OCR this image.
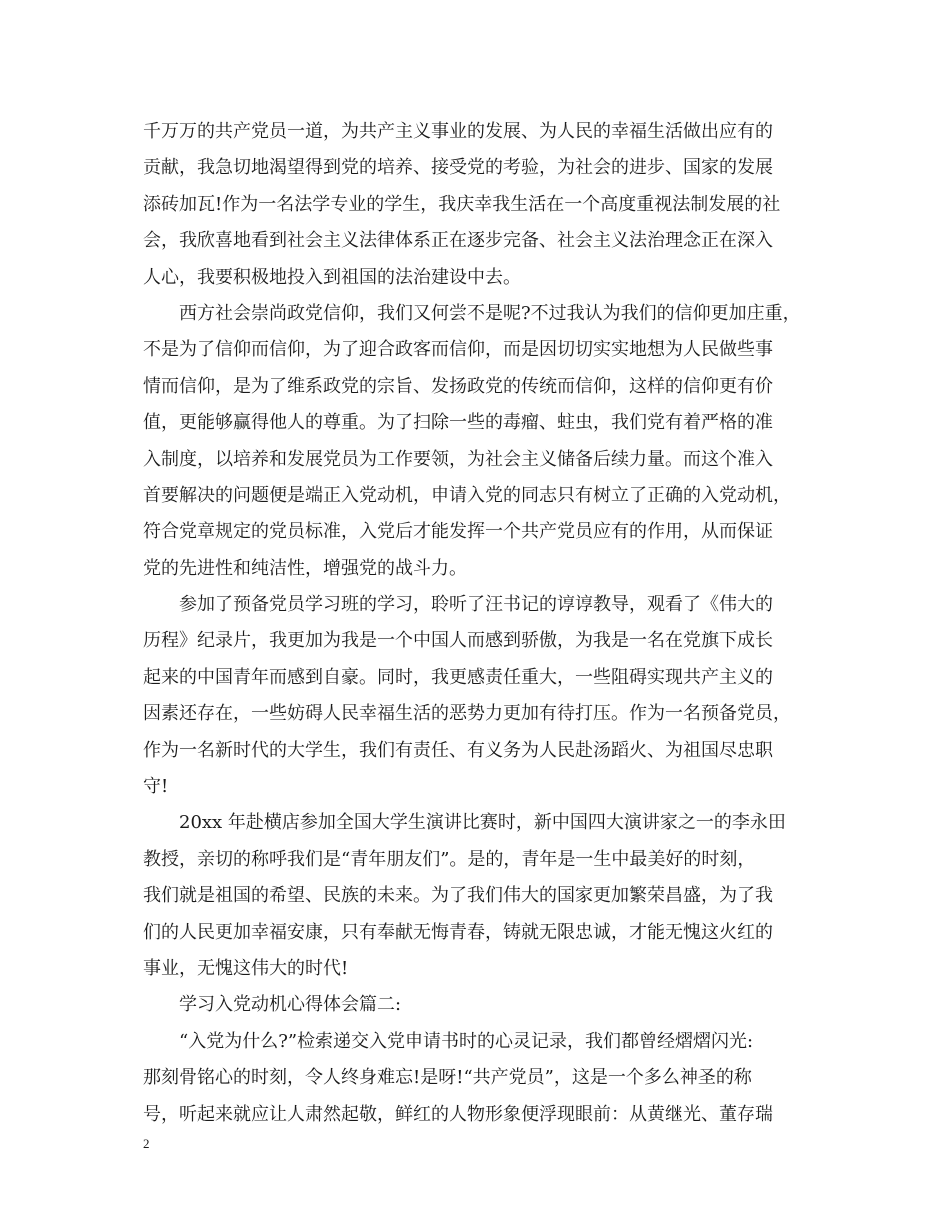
千万万的共产党员一道，为共产主义事业的发展、为人民的幸福生活做出应有的
贡献，我急切地渴望得到党的培养、接受党的考验，为社会的进步、国家的发展
添砖加瓦!作为一名法学专业的学生，我庆幸我生活在一个高度重视法制发展的社
会，我欣喜地看到社会主义法律体系正在逐步完备、社会主义法治理念正在深入
人心，我要积极地投入到祖国的法治建设中去。
西方社会崇尚政党信仰，我们又何尝不是呢?不过我认为我们的信仰更加庄重，
不是为了信仰而信仰，为了迎合政客而信仰，而是因切切实实地想为人民做些事
情而信仰，是为了维系政党的宗旨、发扬政党的传统而信仰，这样的信仰更有价
值，更能够赢得他人的尊重。为了扫除一些的毒瘤、蛀虫，我们党有着严格的准
入制度，以培养和发展党员为工作要领，为社会主义储备后续力量。而这个准入
首要解决的问题便是端正入党动机，申请入党的同志只有树立了正确的入党动机，
符合党章规定的党员标准，入党后才能发挥一个共产党员应有的作用，从而保证
党的先进性和纯洁性，增强党的战斗力。
参加了预备党员学习班的学习，聆听了汪书记的谆谆教导，观看了《伟大的
历程》纪录片，我更加为我是一个中国人而感到骄傲，为我是一名在党旗下成长
起来的中国青年而感到自豪。同时，我更感责任重大，一些阻碍实现共产主义的
因素还存在，一些妨碍人民幸福生活的恶势力更加有待打压。作为一名预备党员，
作为一名新时代的大学生，我们有责任、有义务为人民赴汤蹈火、为祖国尽忠职
守!
20xx 年赴横店参加全国大学生演讲比赛时，新中国四大演讲家之一的李永田
教授，亲切的称呼我们是“青年朋友们”。是的，青年是一生中最美好的时刻，
我们就是祖国的希望、民族的未来。为了我们伟大的国家更加繁荣昌盛，为了我
们的人民更加幸福安康，只有奉献无悔青春，铸就无限忠诚，才能无愧这火红的
事业，无愧这伟大的时代!
学习入党动机心得体会篇二:
“入党为什么?”检索递交入党申请书时的心灵记录，我们都曾经熠熠闪光:
那刻骨铭心的时刻，令人终身难忘!是呀!“共产党员”，这是一个多么神圣的称
号，听起来就应让人肃然起敬，鲜红的人物形象便浮现眼前：从黄继光、董存瑞
2
